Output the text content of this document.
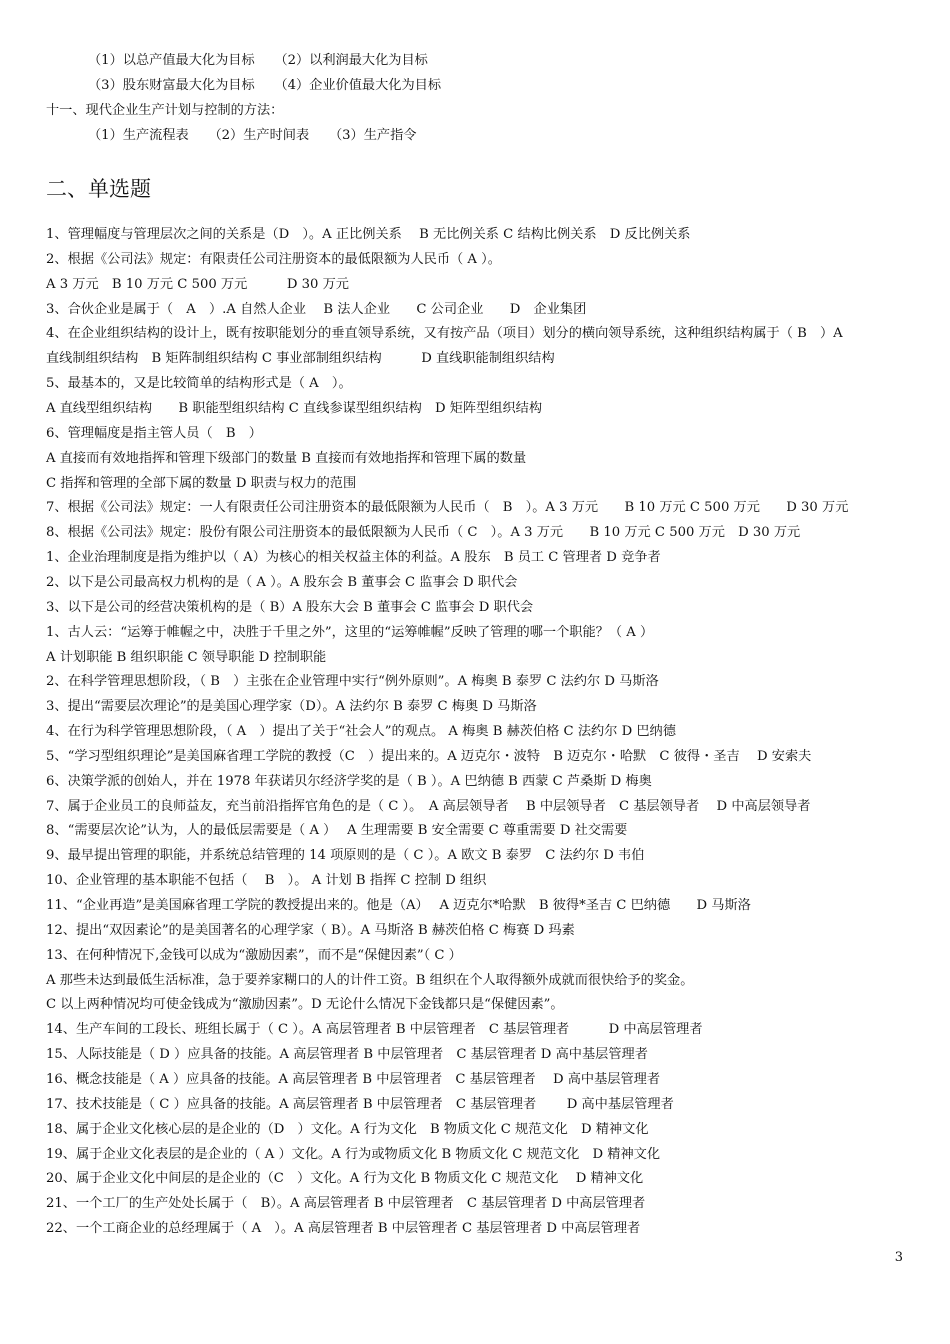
（1）以总产值最大化为目标　　（2）以利润最大化为目标
（3）股东财富最大化为目标　　（4）企业价值最大化为目标
十一、现代企业生产计划与控制的方法：
（1）生产流程表　　（2）生产时间表　　（3）生产指令
二、单选题
1、管理幅度与管理层次之间的关系是（D　）。A 正比例关系　 B 无比例关系 C 结构比例关系　D 反比例关系
2、根据《公司法》规定：有限责任公司注册资本的最低限额为人民币（ A ）。
A 3 万元　B 10 万元 C 500 万元　　　D 30 万元
3、合伙企业是属于（　A　）.A 自然人企业　 B 法人企业　　C 公司企业　　D　企业集团
4、在企业组织结构的设计上，既有按职能划分的垂直领导系统，又有按产品（项目）划分的横向领导系统，这种组织结构属于（ B　）A
直线制组织结构　B 矩阵制组织结构 C 事业部制组织结构　　　D 直线职能制组织结构
5、最基本的，又是比较简单的结构形式是（ A　）。
A 直线型组织结构　　B 职能型组织结构 C 直线参谋型组织结构　D 矩阵型组织结构
6、管理幅度是指主管人员（　B　）
A 直接而有效地指挥和管理下级部门的数量 B 直接而有效地指挥和管理下属的数量
C 指挥和管理的全部下属的数量 D 职责与权力的范围
7、根据《公司法》规定：一人有限责任公司注册资本的最低限额为人民币（　B　）。A 3 万元　　B 10 万元 C 500 万元　　D 30 万元
8、根据《公司法》规定：股份有限公司注册资本的最低限额为人民币（ C　）。A 3 万元　　B 10 万元 C 500 万元　D 30 万元
1、企业治理制度是指为维护以（ A）为核心的相关权益主体的利益。A 股东　B 员工 C 管理者 D 竞争者
2、以下是公司最高权力机构的是（ A ）。A 股东会 B 董事会 C 监事会 D 职代会
3、以下是公司的经营决策机构的是（ B）A 股东大会 B 董事会 C 监事会 D 职代会
1、古人云：“运筹于帷幄之中，决胜于千里之外”，这里的“运筹帷幄”反映了管理的哪一个职能？（ A ）
A 计划职能 B 组织职能 C 领导职能 D 控制职能
2、在科学管理思想阶段，（ B　）主张在企业管理中实行“例外原则”。A 梅奥 B 泰罗 C 法约尔 D 马斯洛
3、提出“需要层次理论”的是美国心理学家（D）。A 法约尔 B 泰罗 C 梅奥 D 马斯洛
4、在行为科学管理思想阶段，（ A　）提出了关于“社会人”的观点。 A 梅奥 B 赫茨伯格 C 法约尔 D 巴纳德
5、“学习型组织理论”是美国麻省理工学院的教授（C　）提出来的。A 迈克尔・波特　B 迈克尔・哈默　C 彼得・圣吉　 D 安索夫
6、决策学派的创始人，并在 1978 年获诺贝尔经济学奖的是（ B ）。A 巴纳德 B 西蒙 C 芦桑斯 D 梅奥
7、属于企业员工的良师益友，充当前沿指挥官角色的是（ C ）。　A 高层领导者　 B 中层领导者　C 基层领导者　 D 中高层领导者
8、“需要层次论”认为，人的最低层需要是（ A ）　 A 生理需要 B 安全需要 C 尊重需要 D 社交需要
9、最早提出管理的职能，并系统总结管理的 14 项原则的是（ C ）。A 欧文 B 泰罗　C 法约尔 D 韦伯
10、企业管理的基本职能不包括（　 B　）。 A 计划 B 指挥 C 控制 D 组织
11、“企业再造”是美国麻省理工学院的教授提出来的。他是（A）　 A 迈克尔*哈默　B 彼得*圣吉 C 巴纳德　　D 马斯洛
12、提出“双因素论”的是美国著名的心理学家（ B）。A 马斯洛 B 赫茨伯格 C 梅赛 D 玛素
13、在何种情况下,金钱可以成为“激励因素”，而不是“保健因素”（ C ）
A 那些未达到最低生活标准，急于要养家糊口的人的计件工资。B 组织在个人取得额外成就而很快给予的奖金。
C 以上两种情况均可使金钱成为“激励因素”。D 无论什么情况下金钱都只是“保健因素”。
14、生产车间的工段长、班组长属于（ C ）。A 高层管理者 B 中层管理者　C 基层管理者　　　D 中高层管理者
15、人际技能是（ D ）应具备的技能。A 高层管理者 B 中层管理者　C 基层管理者 D 高中基层管理者
16、概念技能是（ A ）应具备的技能。A 高层管理者 B 中层管理者　C 基层管理者　 D 高中基层管理者
17、技术技能是（ C ）应具备的技能。A 高层管理者 B 中层管理者　C 基层管理者　　 D 高中基层管理者
18、属于企业文化核心层的是企业的（D　）文化。A 行为文化　B 物质文化 C 规范文化　D 精神文化
19、属于企业文化表层的是企业的（ A ）文化。A 行为或物质文化 B 物质文化 C 规范文化　D 精神文化
20、属于企业文化中间层的是企业的（C　）文化。A 行为文化 B 物质文化 C 规范文化　 D 精神文化
21、一个工厂的生产处处长属于（　B）。A 高层管理者 B 中层管理者　C 基层管理者 D 中高层管理者
22、一个工商企业的总经理属于（ A　）。A 高层管理者 B 中层管理者 C 基层管理者 D 中高层管理者
3
